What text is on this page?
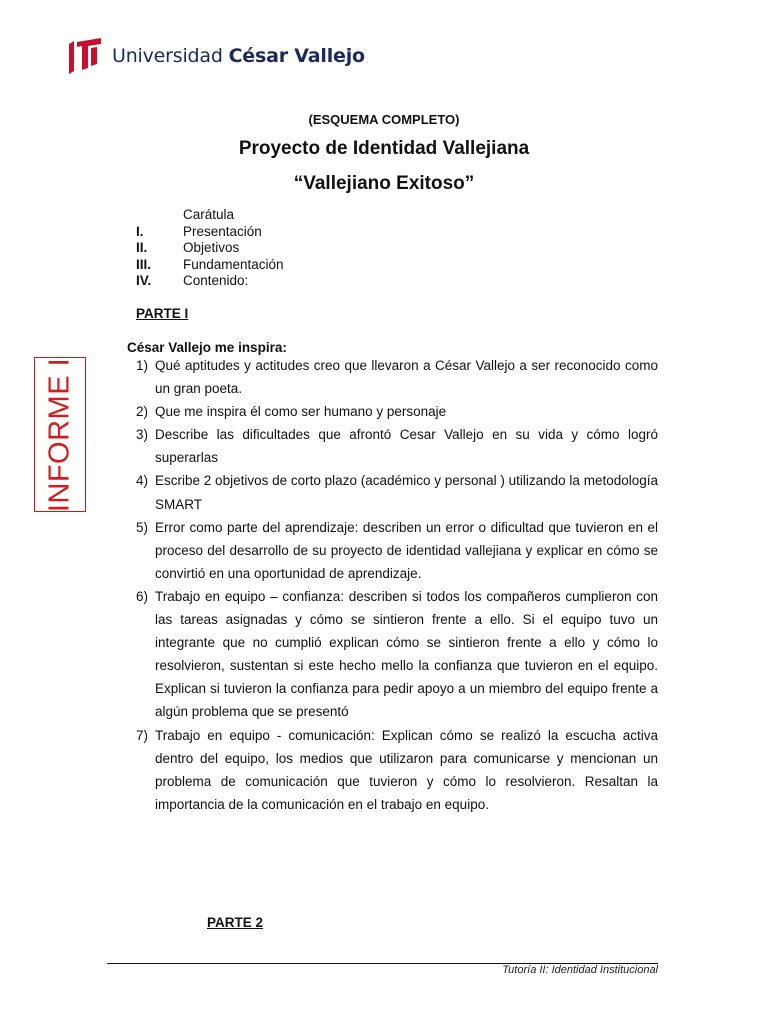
Universidad César Vallejo
(ESQUEMA COMPLETO)
Proyecto de Identidad Vallejiana
“Vallejiano Exitoso”
Carátula
I.	Presentación
II.	Objetivos
III.	Fundamentación
IV.	Contenido:
PARTE I
César Vallejo me inspira:
1) Qué aptitudes y actitudes creo que llevaron a César Vallejo a ser reconocido como un gran poeta.
2) Que me inspira él como ser humano y personaje
3) Describe las dificultades que afrontó Cesar Vallejo en su vida y cómo logró superarlas
4) Escribe 2 objetivos de corto plazo (académico y personal ) utilizando la metodología SMART
5) Error como parte del aprendizaje: describen un error o dificultad que tuvieron en el proceso del desarrollo de su proyecto de identidad vallejiana y explicar en cómo se convirtió en una oportunidad de aprendizaje.
6) Trabajo en equipo – confianza: describen si todos los compañeros cumplieron con las tareas asignadas y cómo se sintieron frente a ello. Si el equipo tuvo un integrante que no cumplió explican cómo se sintieron frente a ello y cómo lo resolvieron, sustentan si este hecho mello la confianza que tuvieron en el equipo. Explican si tuvieron la confianza para pedir apoyo a un miembro del equipo frente a algún problema que se presentó
7) Trabajo en equipo - comunicación: Explican cómo se realizó la escucha activa dentro del equipo, los medios que utilizaron para comunicarse y mencionan un problema de comunicación que tuvieron y cómo lo resolvieron. Resaltan la importancia de la comunicación en el trabajo en equipo.
INFORME I
PARTE 2
Tutoría II: Identidad Institucional
